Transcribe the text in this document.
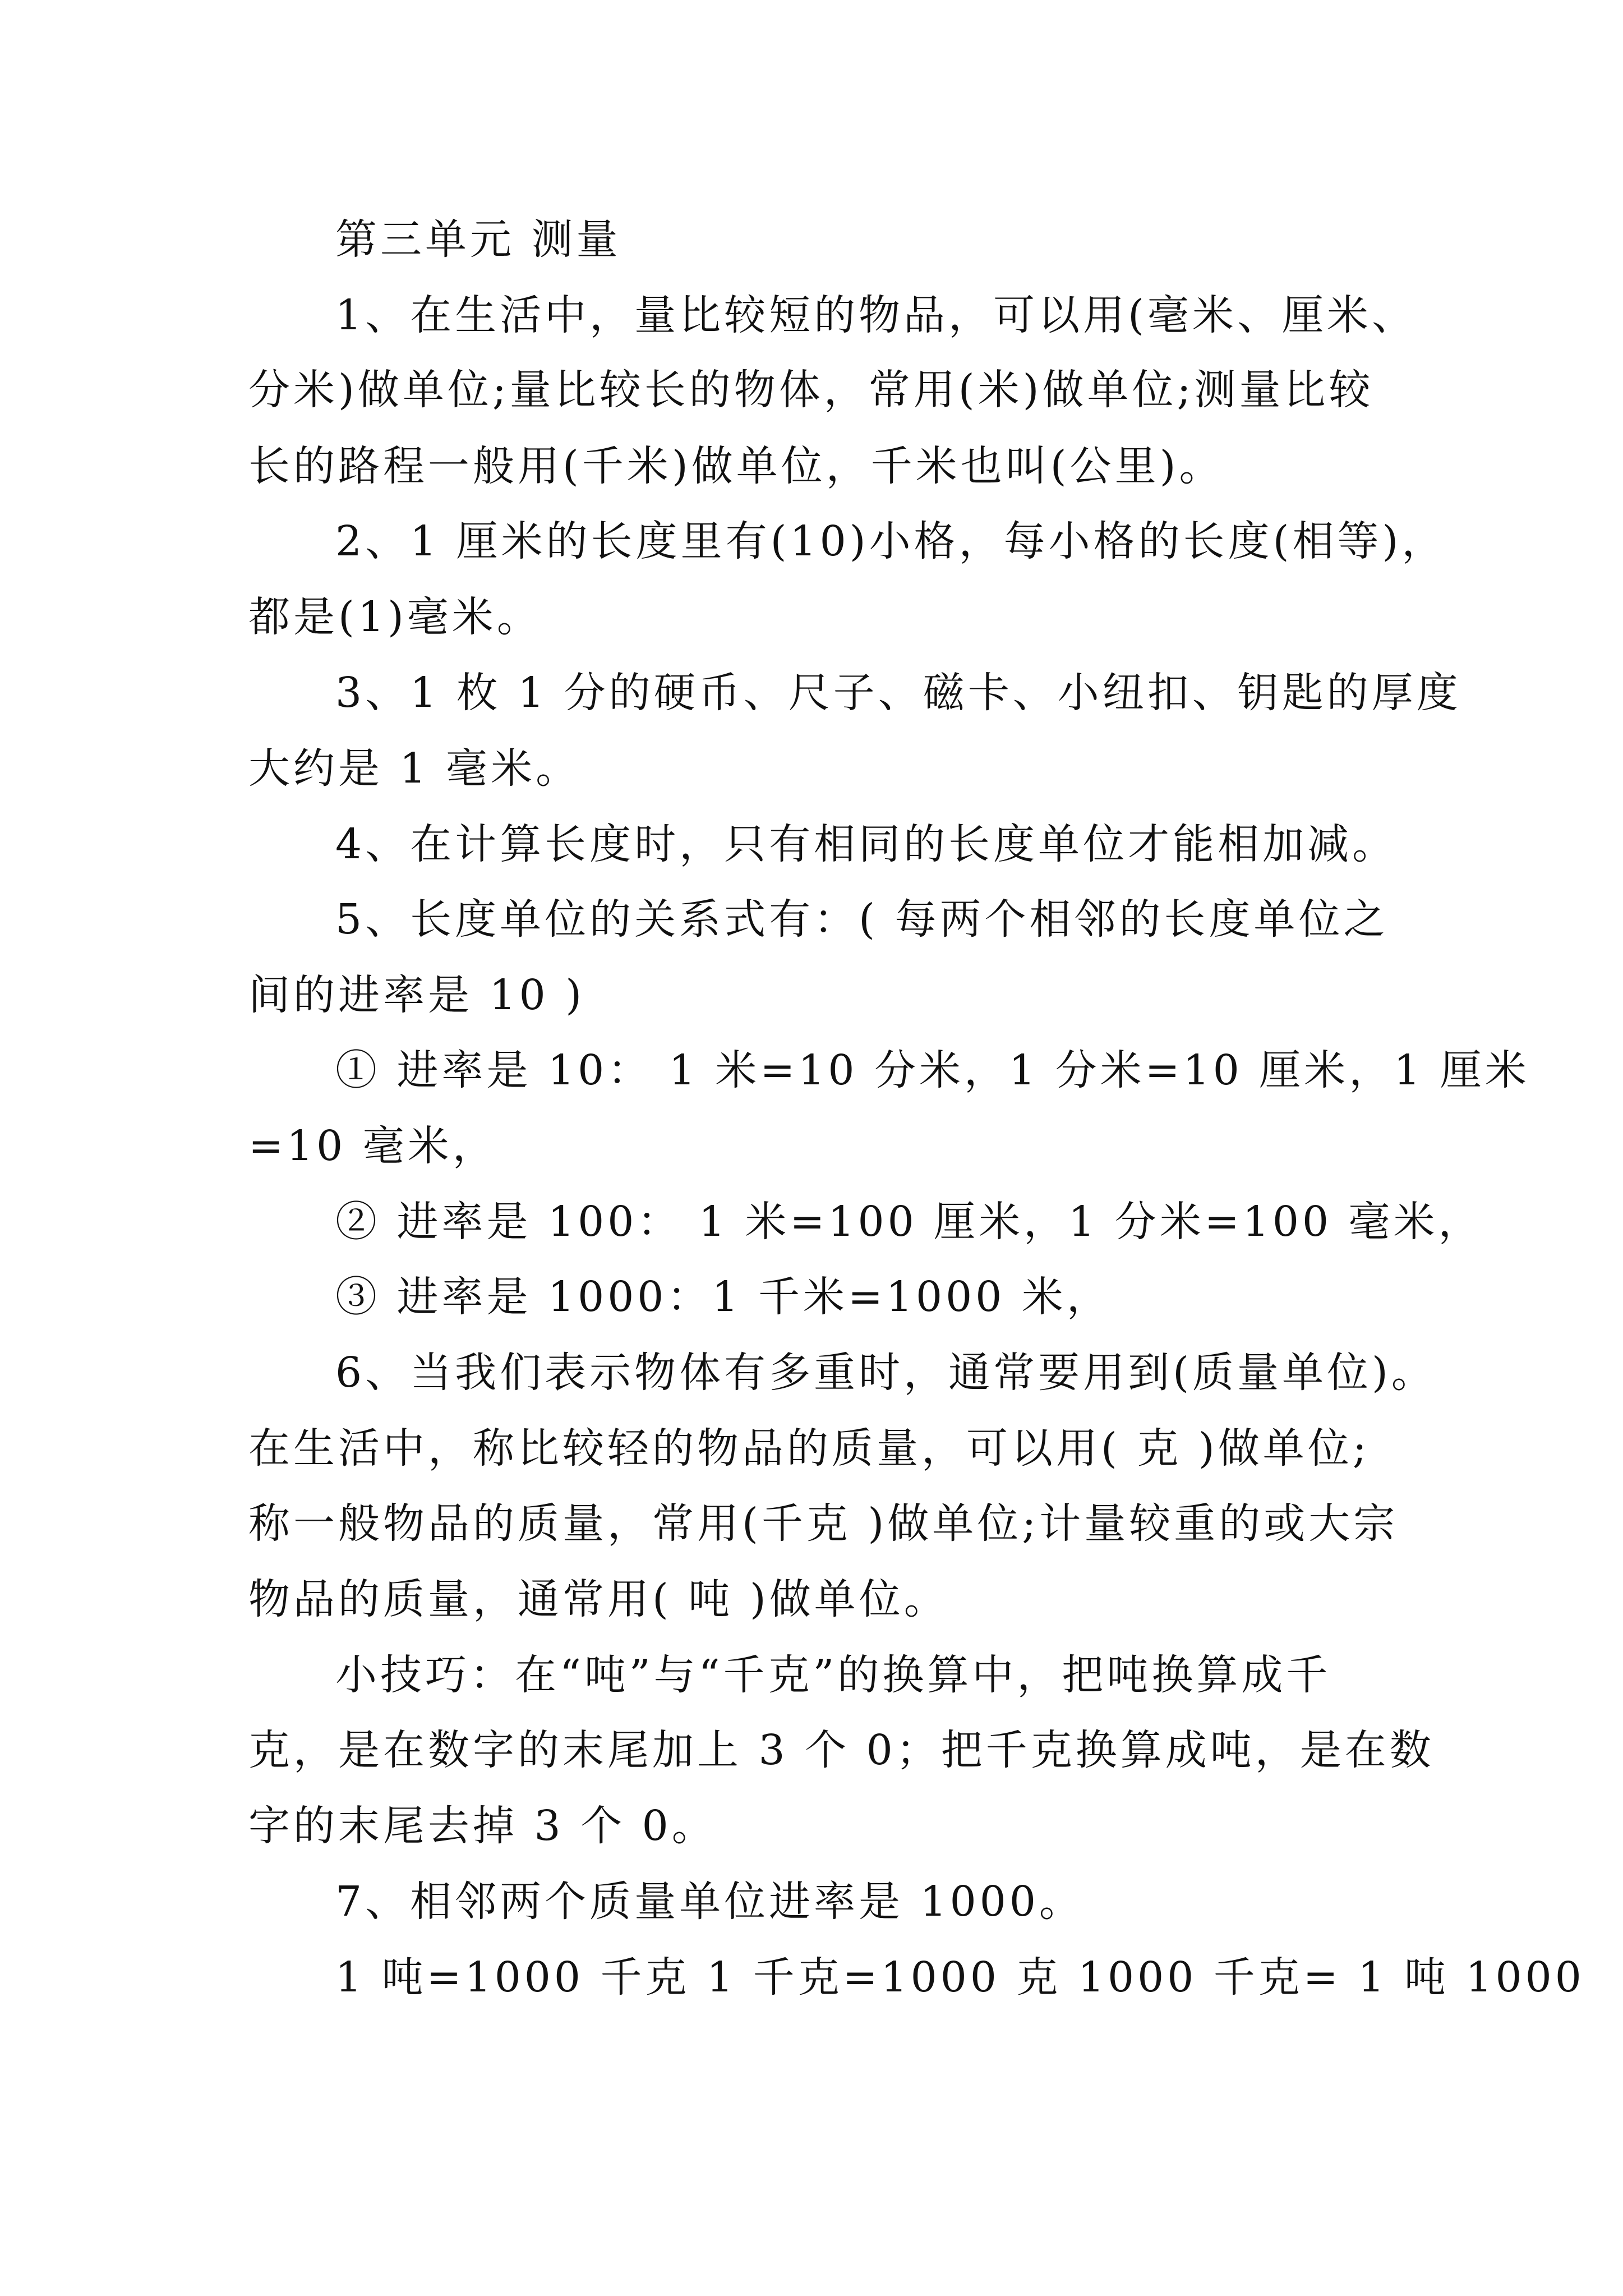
第三单元 测量
1、在生活中，量比较短的物品，可以用(毫米、厘米、
分米)做单位;量比较长的物体，常用(米)做单位;测量比较
长的路程一般用(千米)做单位，千米也叫(公里)。
2、1 厘米的长度里有(10)小格，每小格的长度(相等)，
都是(1)毫米。
3、1 枚 1 分的硬币、尺子、磁卡、小纽扣、钥匙的厚度
大约是 1 毫米。
4、在计算长度时，只有相同的长度单位才能相加减。
5、长度单位的关系式有：( 每两个相邻的长度单位之
间的进率是 10 )
① 进率是 10： 1 米=10 分米，1 分米=10 厘米，1 厘米
=10 毫米，
② 进率是 100： 1 米=100 厘米，1 分米=100 毫米，
③ 进率是 1000：1 千米=1000 米，
6、当我们表示物体有多重时，通常要用到(质量单位)。
在生活中，称比较轻的物品的质量，可以用( 克 )做单位;
称一般物品的质量，常用(千克 )做单位;计量较重的或大宗
物品的质量，通常用( 吨 )做单位。
小技巧：在“吨”与“千克”的换算中，把吨换算成千
克，是在数字的末尾加上 3 个 0；把千克换算成吨，是在数
字的末尾去掉 3 个 0。
7、相邻两个质量单位进率是 1000。
1 吨=1000 千克 1 千克=1000 克 1000 千克= 1 吨 1000
